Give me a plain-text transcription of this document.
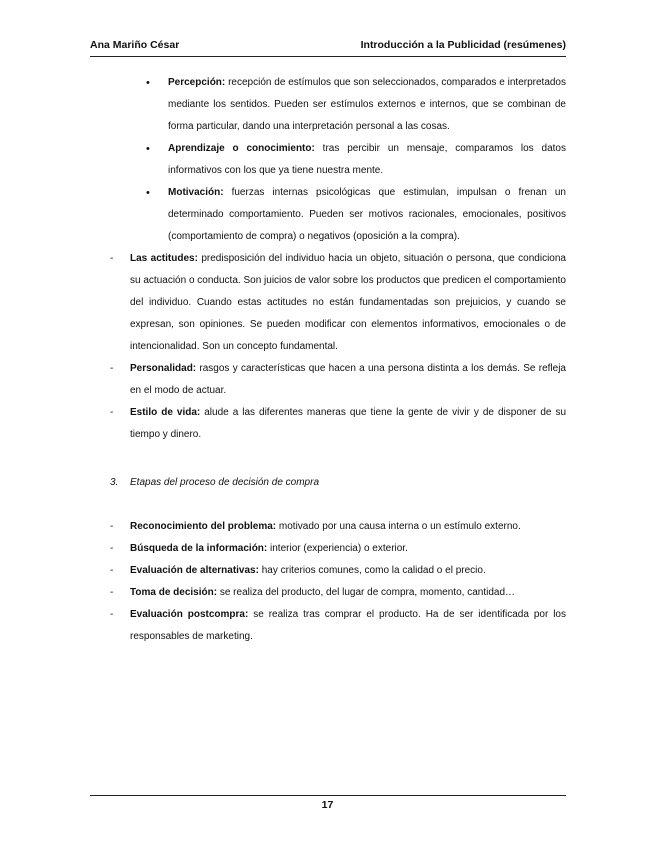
Ana Mariño César	Introducción a la Publicidad (resúmenes)
• Percepción: recepción de estímulos que son seleccionados, comparados e interpretados mediante los sentidos. Pueden ser estímulos externos e internos, que se combinan de forma particular, dando una interpretación personal a las cosas.
• Aprendizaje o conocimiento: tras percibir un mensaje, comparamos los datos informativos con los que ya tiene nuestra mente.
• Motivación: fuerzas internas psicológicas que estimulan, impulsan o frenan un determinado comportamiento. Pueden ser motivos racionales, emocionales, positivos (comportamiento de compra) o negativos (oposición a la compra).
- Las actitudes: predisposición del individuo hacia un objeto, situación o persona, que condiciona su actuación o conducta. Son juicios de valor sobre los productos que predicen el comportamiento del individuo. Cuando estas actitudes no están fundamentadas son prejuicios, y cuando se expresan, son opiniones. Se pueden modificar con elementos informativos, emocionales o de intencionalidad. Son un concepto fundamental.
- Personalidad: rasgos y características que hacen a una persona distinta a los demás. Se refleja en el modo de actuar.
- Estilo de vida: alude a las diferentes maneras que tiene la gente de vivir y de disponer de su tiempo y dinero.
3. Etapas del proceso de decisión de compra
- Reconocimiento del problema: motivado por una causa interna o un estímulo externo.
- Búsqueda de la información: interior (experiencia) o exterior.
- Evaluación de alternativas: hay criterios comunes, como la calidad o el precio.
- Toma de decisión: se realiza del producto, del lugar de compra, momento, cantidad…
- Evaluación postcompra: se realiza tras comprar el producto. Ha de ser identificada por los responsables de marketing.
17
